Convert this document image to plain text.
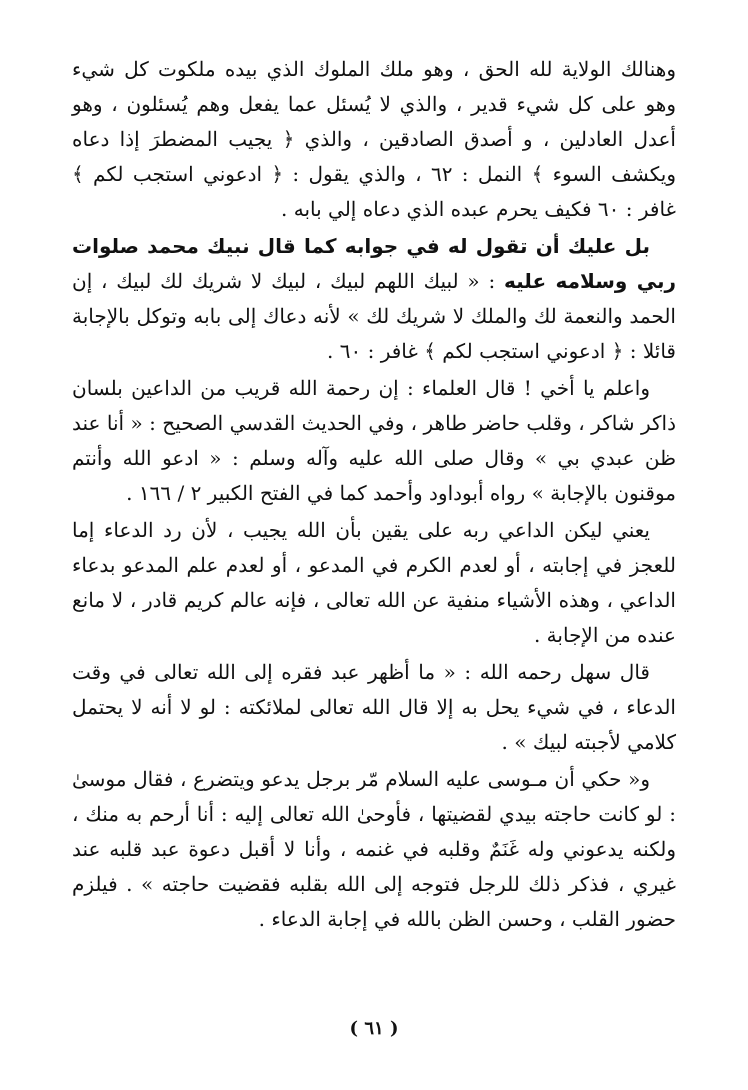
وهنالك الولاية لله الحق ، وهو ملك الملوك الذي بيده ملكوت كل شيء وهو على كل شيء قدير ، والذي لا يُسئل عما يفعل وهم يُسئلون ، وهو أعدل العادلين ، و أصدق الصادقين ، والذي ﴿ يجيب المضطرَ إذا دعاه ويكشف السوء ﴾ النمل : ٦٢ ، والذي يقول : ﴿ ادعوني استجب لكم ﴾ غافر : ٦٠ فكيف يحرم عبده الذي دعاه إلي بابه .

بل عليك أن تقول له في جوابه كما قال نبيك محمد صلوات ربي وسلامه عليه : « لبيك اللهم لبيك ، لبيك لا شريك لك لبيك ، إن الحمد والنعمة لك والملك لا شريك لك » لأنه دعاك إلى بابه وتوكل بالإجابة قائلا : ﴿ ادعوني استجب لكم ﴾ غافر : ٦٠ .

واعلم يا أخي ! قال العلماء : إن رحمة الله قريب من الداعين بلسان ذاكر شاكر ، وقلب حاضر طاهر ، وفي الحديث القدسي الصحيح : « أنا عند ظن عبدي بي » وقال صلى الله عليه وآله وسلم : « ادعو الله وأنتم موقنون بالإجابة » رواه أبوداود وأحمد كما في الفتح الكبير ٢ / ١٦٦ .

يعني ليكن الداعي ربه على يقين بأن الله يجيب ، لأن رد الدعاء إما للعجز في إجابته ، أو لعدم الكرم في المدعو ، أو لعدم علم المدعو بدعاء الداعي ، وهذه الأشياء منفية عن الله تعالى ، فإنه عالم كريم قادر ، لا مانع عنده من الإجابة .

قال سهل رحمه الله : « ما أظهر عبد فقره إلى الله تعالى في وقت الدعاء ، في شيء يحل به إلا قال الله تعالى لملائكته : لو لا أنه لا يحتمل كلامي لأجبته لبيك » .

و« حكي أن مـوسى عليه السلام مّر برجل يدعو ويتضرع ، فقال موسىٰ : لو كانت حاجته بيدي لقضيتها ، فأوحىٰ الله تعالى إليه : أنا أرحم به منك ، ولكنه يدعوني وله غَنَمٌ وقلبه في غنمه ، وأنا لا أقبل دعوة عبد قلبه عند غيري ، فذكر ذلك للرجل فتوجه إلى الله بقلبه فقضيت حاجته » . فيلزم حضور القلب ، وحسن الظن بالله في إجابة الدعاء .

( ٦١ )
